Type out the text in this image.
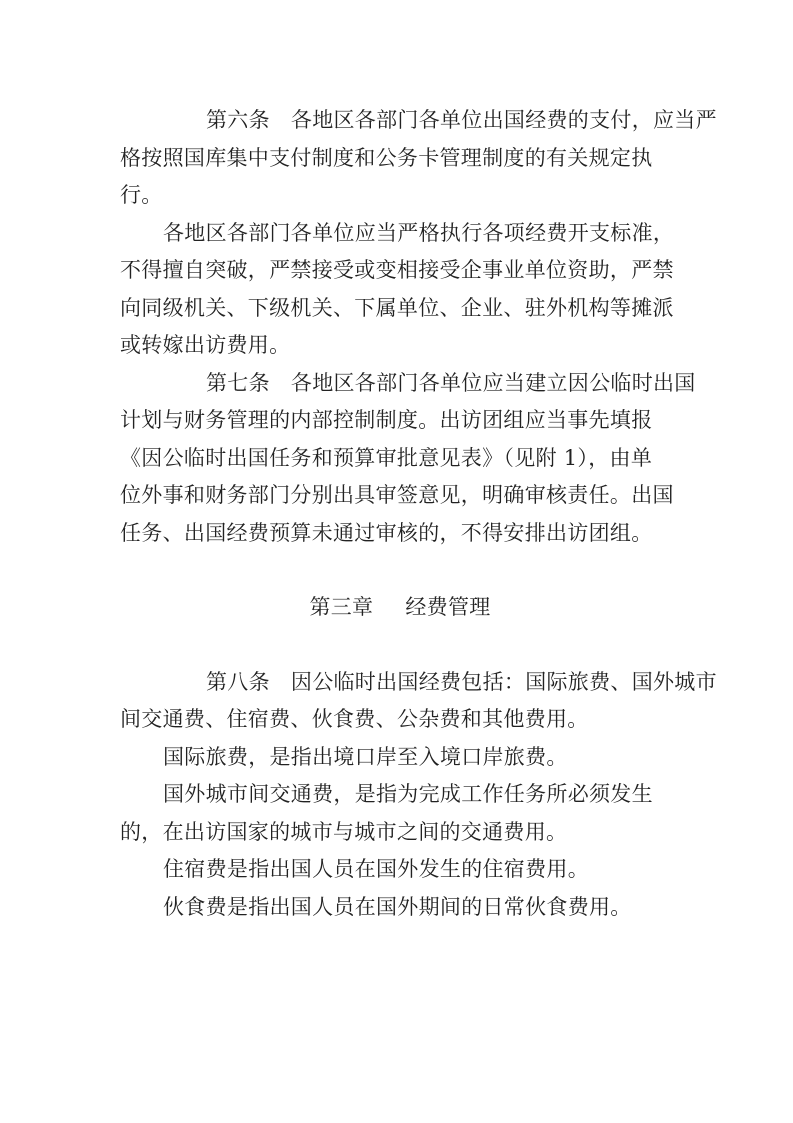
第六条 各地区各部门各单位出国经费的支付，应当严
格按照国库集中支付制度和公务卡管理制度的有关规定执
行。
各地区各部门各单位应当严格执行各项经费开支标准，
不得擅自突破，严禁接受或变相接受企事业单位资助，严禁
向同级机关、下级机关、下属单位、企业、驻外机构等摊派
或转嫁出访费用。
第七条 各地区各部门各单位应当建立因公临时出国
计划与财务管理的内部控制制度。出访团组应当事先填报
《因公临时出国任务和预算审批意见表》（见附 1），由单
位外事和财务部门分别出具审签意见，明确审核责任。出国
任务、出国经费预算未通过审核的，不得安排出访团组。
第三章 经费管理
第八条 因公临时出国经费包括：国际旅费、国外城市
间交通费、住宿费、伙食费、公杂费和其他费用。
国际旅费，是指出境口岸至入境口岸旅费。
国外城市间交通费，是指为完成工作任务所必须发生
的，在出访国家的城市与城市之间的交通费用。
住宿费是指出国人员在国外发生的住宿费用。
伙食费是指出国人员在国外期间的日常伙食费用。
